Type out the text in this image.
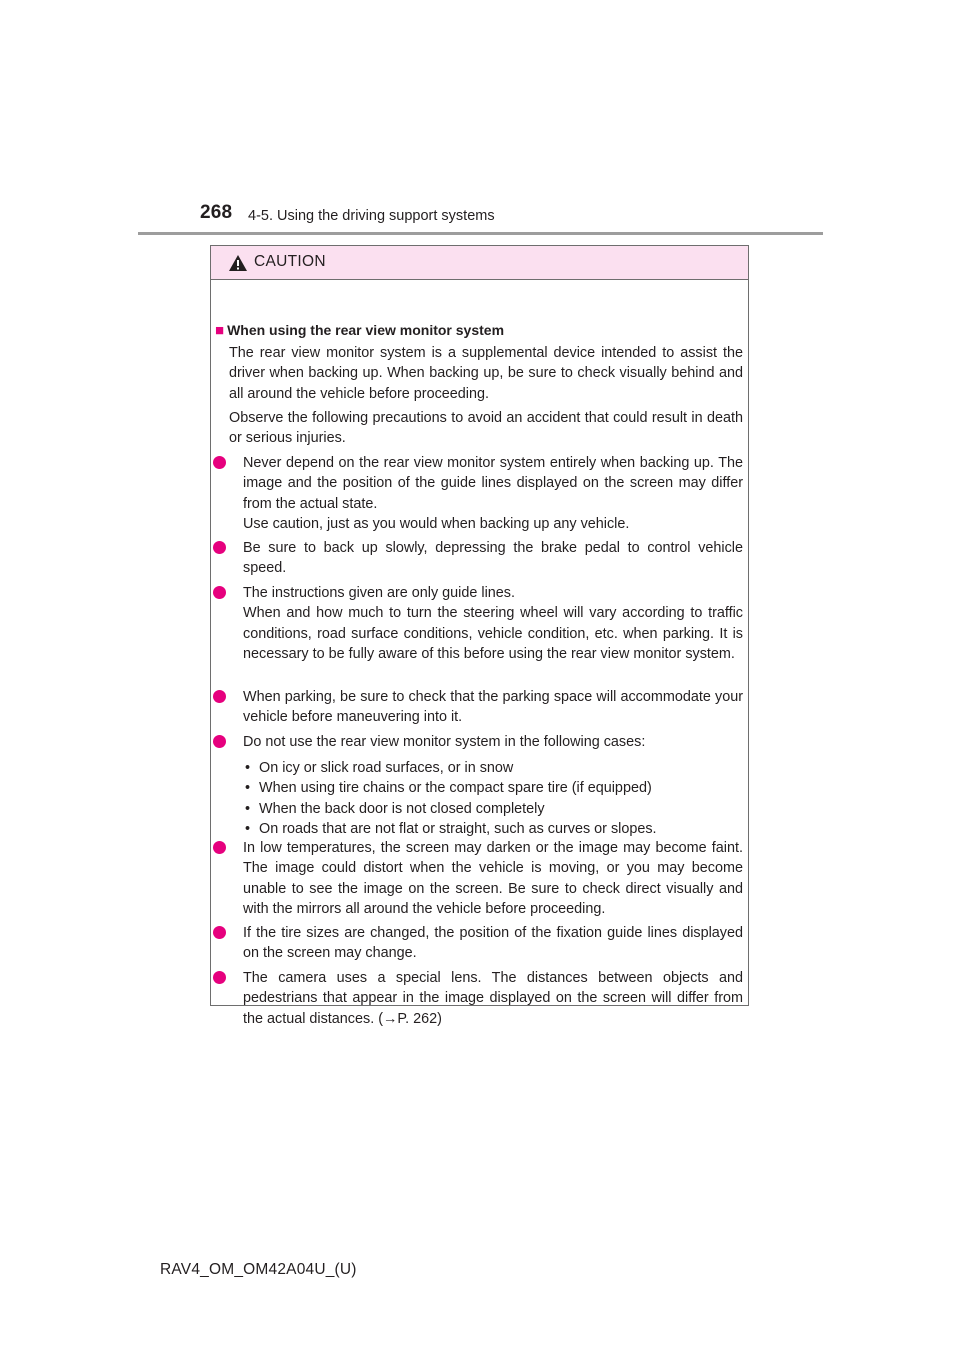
268 4-5. Using the driving support systems
CAUTION
■ When using the rear view monitor system
The rear view monitor system is a supplemental device intended to assist the driver when backing up. When backing up, be sure to check visually behind and all around the vehicle before proceeding.
Observe the following precautions to avoid an accident that could result in death or serious injuries.
Never depend on the rear view monitor system entirely when backing up. The image and the position of the guide lines displayed on the screen may differ from the actual state.
Use caution, just as you would when backing up any vehicle.
Be sure to back up slowly, depressing the brake pedal to control vehicle speed.
The instructions given are only guide lines.
When and how much to turn the steering wheel will vary according to traffic conditions, road surface conditions, vehicle condition, etc. when parking. It is necessary to be fully aware of this before using the rear view monitor system.
When parking, be sure to check that the parking space will accommodate your vehicle before maneuvering into it.
Do not use the rear view monitor system in the following cases:
• On icy or slick road surfaces, or in snow
• When using tire chains or the compact spare tire (if equipped)
• When the back door is not closed completely
• On roads that are not flat or straight, such as curves or slopes.
In low temperatures, the screen may darken or the image may become faint. The image could distort when the vehicle is moving, or you may become unable to see the image on the screen. Be sure to check direct visually and with the mirrors all around the vehicle before proceeding.
If the tire sizes are changed, the position of the fixation guide lines displayed on the screen may change.
The camera uses a special lens. The distances between objects and pedestrians that appear in the image displayed on the screen will differ from the actual distances. (→P. 262)
RAV4_OM_OM42A04U_(U)
